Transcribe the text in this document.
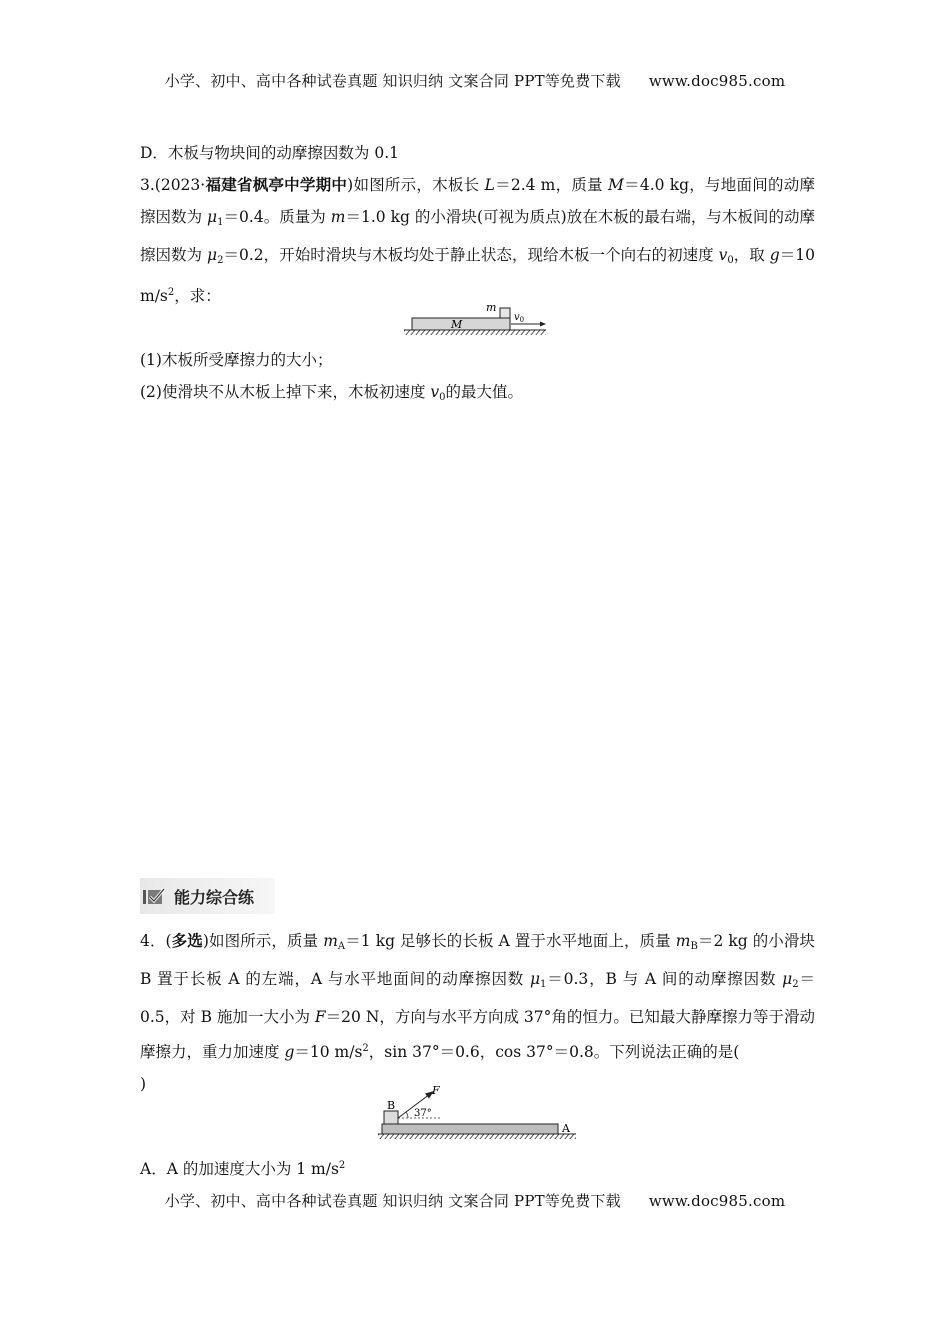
小学、初中、高中各种试卷真题 知识归纳 文案合同 PPT等免费下载 www.doc985.com

D．木板与物块间的动摩擦因数为 0.1

3.(2023·福建省枫亭中学期中)如图所示，木板长 L＝2.4 m，质量 M＝4.0 kg，与地面间的动摩擦因数为 $\mu_1=0.4$。质量为 m＝1.0 kg 的小滑块(可视为质点)放在木板的最右端，与木板间的动摩擦因数为 $\mu_2=0.2$，开始时滑块与木板均处于静止状态，现给木板一个向右的初速度 $v_0$，取 g＝10 $m/s^2$，求：

m
M
$v_0$

(1)木板所受摩擦力的大小；

(2)使滑块不从木板上掉下来，木板初速度 $v_0$的最大值。

能力综合练

4．(多选)如图所示，质量 $m_A=1$ kg 足够长的长板 A 置于水平地面上，质量 $m_B=2$ kg 的小滑块 B 置于长板 A 的左端，A 与水平地面间的动摩擦因数 $\mu_1=0.3$，B 与 A 间的动摩擦因数 $\mu_2=0.5$，对 B 施加一大小为 F＝20 N，方向与水平方向成 37°角的恒力。已知最大静摩擦力等于滑动摩擦力，重力加速度 g＝10 $m/s^2$，sin 37°＝0.6，cos 37°＝0.8。下列说法正确的是(

)

B
F
37°
A

A．A 的加速度大小为 1 $m/s^2$

小学、初中、高中各种试卷真题 知识归纳 文案合同 PPT等免费下载 www.doc985.com
